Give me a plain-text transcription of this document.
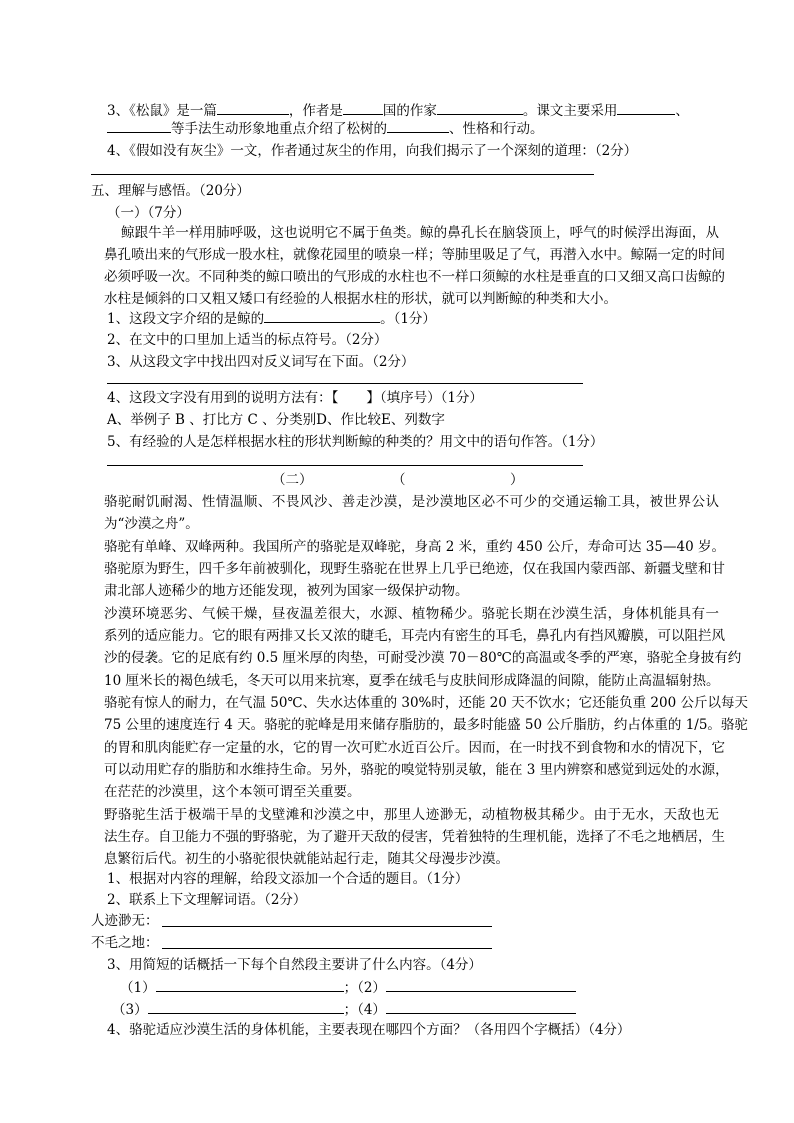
3、《松鼠》是一篇	，作者是	国的作家	。课文主要采用	、
等手法生动形象地重点介绍了松树的	、性格和行动。
4、《假如没有灰尘》一文，作者通过灰尘的作用，向我们揭示了一个深刻的道理：（2分）
五、理解与感悟。（20分）
（一）（7分）
鲸跟牛羊一样用肺呼吸，这也说明它不属于鱼类。鲸的鼻孔长在脑袋顶上，呼气的时候浮出海面，从
鼻孔喷出来的气形成一股水柱，就像花园里的喷泉一样；等肺里吸足了气，再潜入水中。鲸隔一定的时间
必须呼吸一次。不同种类的鲸口喷出的气形成的水柱也不一样口须鲸的水柱是垂直的口又细又高口齿鲸的
水柱是倾斜的口又粗又矮口有经验的人根据水柱的形状，就可以判断鲸的种类和大小。
1、这段文字介绍的是鲸的	。（1分）
2、在文中的口里加上适当的标点符号。（2分）
3、从这段文字中找出四对反义词写在下面。（2分）
4、这段文字没有用到的说明方法有：【 】（填序号）（1分）
A、举例子 B 、打比方 C 、分类别D、作比较E、列数字
5、有经验的人是怎样根据水柱的形状判断鲸的种类的？用文中的语句作答。（1分）
（二）	（	）
骆驼耐饥耐渴、性情温顺、不畏风沙、善走沙漠，是沙漠地区必不可少的交通运输工具，被世界公认
为“沙漠之舟”。
骆驼有单峰、双峰两种。我国所产的骆驼是双峰驼，身高 2 米，重约 450 公斤，寿命可达 35—40 岁。
骆驼原为野生，四千多年前被驯化，现野生骆驼在世界上几乎已绝迹，仅在我国内蒙西部、新疆戈壁和甘
肃北部人迹稀少的地方还能发现，被列为国家一级保护动物。
沙漠环境恶劣、气候干燥，昼夜温差很大，水源、植物稀少。骆驼长期在沙漠生活，身体机能具有一
系列的适应能力。它的眼有两排又长又浓的睫毛，耳壳内有密生的耳毛，鼻孔内有挡风瓣膜，可以阻拦风
沙的侵袭。它的足底有约 0.5 厘米厚的肉垫，可耐受沙漠 70－80℃的高温或冬季的严寒，骆驼全身披有约
10 厘米长的褐色绒毛，冬天可以用来抗寒，夏季在绒毛与皮肤间形成降温的间隙，能防止高温辐射热。
骆驼有惊人的耐力，在气温 50℃、失水达体重的 30%时，还能 20 天不饮水；它还能负重 200 公斤以每天
75 公里的速度连行 4 天。骆驼的驼峰是用来储存脂肪的，最多时能盛 50 公斤脂肪，约占体重的 1/5。骆驼
的胃和肌肉能贮存一定量的水，它的胃一次可贮水近百公斤。因而，在一时找不到食物和水的情况下，它
可以动用贮存的脂肪和水维持生命。另外，骆驼的嗅觉特别灵敏，能在 3 里内辨察和感觉到远处的水源，
在茫茫的沙漠里，这个本领可谓至关重要。
野骆驼生活于极端干旱的戈壁滩和沙漠之中，那里人迹渺无，动植物极其稀少。由于无水，天敌也无
法生存。自卫能力不强的野骆驼，为了避开天敌的侵害，凭着独特的生理机能，选择了不毛之地栖居，生
息繁衍后代。初生的小骆驼很快就能站起行走，随其父母漫步沙漠。
1、根据对内容的理解，给段文添加一个合适的题目。（1分）
2、联系上下文理解词语。（2分）
人迹渺无：
不毛之地：
3、用简短的话概括一下每个自然段主要讲了什么内容。（4分）
（1）	；（2）
（3）	；（4）
4、骆驼适应沙漠生活的身体机能，主要表现在哪四个方面？（各用四个字概括）（4分）
